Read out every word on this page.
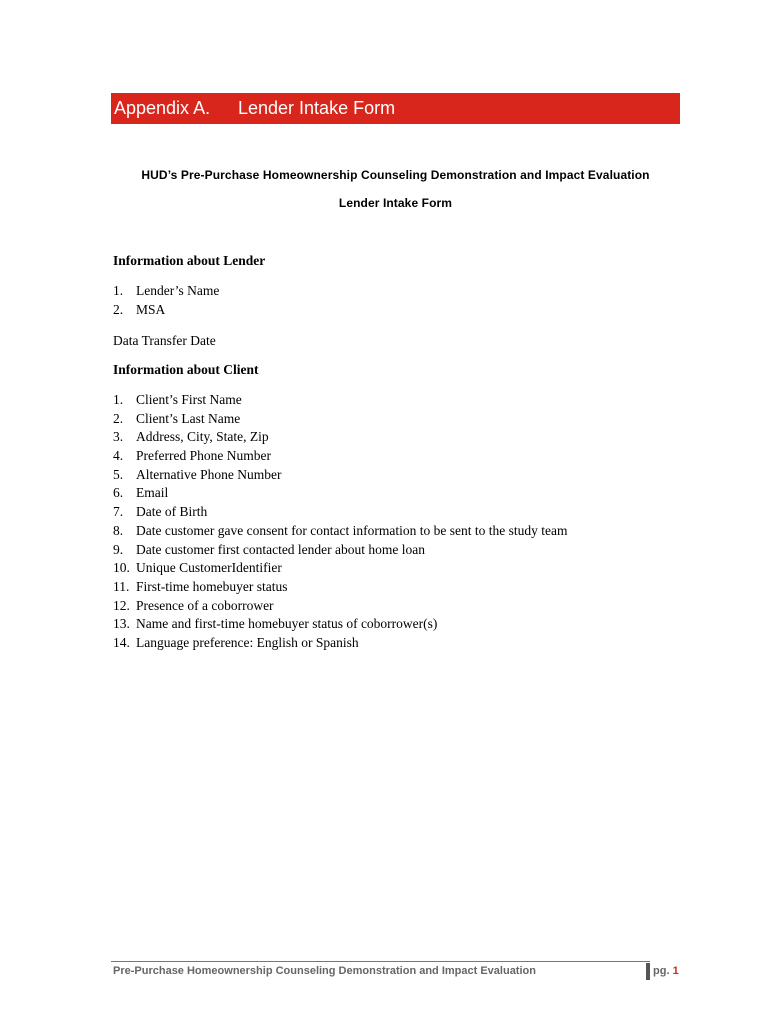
Appendix A. Lender Intake Form
HUD’s Pre-Purchase Homeownership Counseling Demonstration and Impact Evaluation
Lender Intake Form
Information about Lender
1. Lender’s Name
2. MSA
Data Transfer Date
Information about Client
1. Client’s First Name
2. Client’s Last Name
3. Address, City, State, Zip
4. Preferred Phone Number
5. Alternative Phone Number
6. Email
7. Date of Birth
8. Date customer gave consent for contact information to be sent to the study team
9. Date customer first contacted lender about home loan
10. Unique CustomerIdentifier
11. First-time homebuyer status
12. Presence of a coborrower
13. Name and first-time homebuyer status of coborrower(s)
14. Language preference: English or Spanish
Pre-Purchase Homeownership Counseling Demonstration and Impact Evaluation	pg. 1
